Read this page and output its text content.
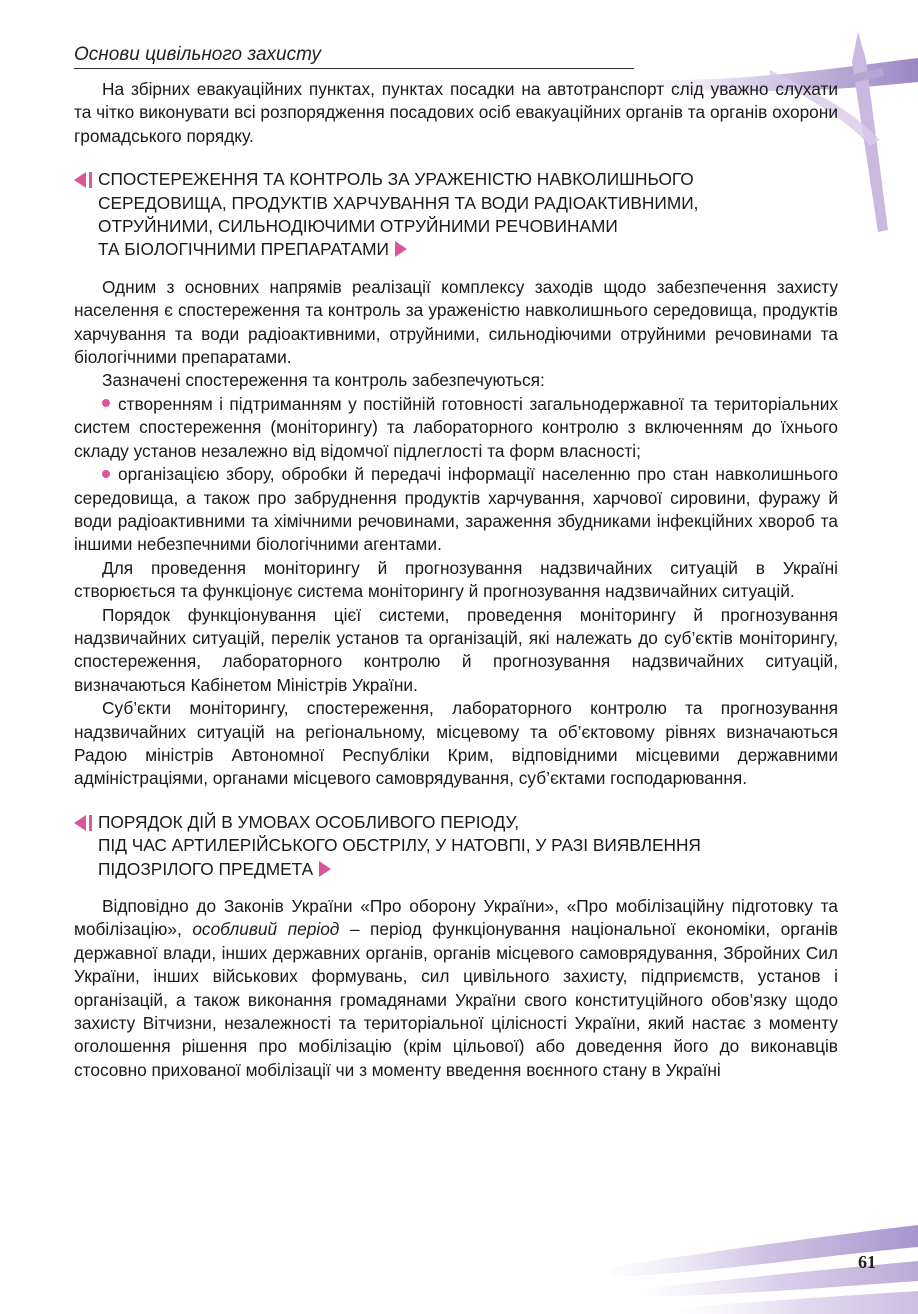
Основи цивільного захисту

На збірних евакуаційних пунктах, пунктах посадки на автотранспорт слід уважно слухати та чітко виконувати всі розпорядження посадових осіб евакуаційних органів та органів охорони громадського порядку.

СПОСТЕРЕЖЕННЯ ТА КОНТРОЛЬ ЗА УРАЖЕНІСТЮ НАВКОЛИШНЬОГО
СЕРЕДОВИЩА, ПРОДУКТІВ ХАРЧУВАННЯ ТА ВОДИ РАДІОАКТИВНИМИ,
ОТРУЙНИМИ, СИЛЬНОДІЮЧИМИ ОТРУЙНИМИ РЕЧОВИНАМИ
ТА БІОЛОГІЧНИМИ ПРЕПАРАТАМИ

Одним з основних напрямів реалізації комплексу заходів щодо забезпечення захисту населення є спостереження та контроль за ураженістю навколишнього середовища, продуктів харчування та води радіоактивними, отруйними, сильнодіючими отруйними речовинами та біологічними препаратами.

Зазначені спостереження та контроль забезпечуються:

створенням і підтриманням у постійній готовності загальнодержавної та територіальних систем спостереження (моніторингу) та лабораторного контролю з включенням до їхнього складу установ незалежно від відомчої підлеглості та форм власності;

організацією збору, обробки й передачі інформації населенню про стан навколишнього середовища, а також про забруднення продуктів харчування, харчової сировини, фуражу й води радіоактивними та хімічними речовинами, зараження збудниками інфекційних хвороб та іншими небезпечними біологічними агентами.

Для проведення моніторингу й прогнозування надзвичайних ситуацій в Україні створюється та функціонує система моніторингу й прогнозування надзвичайних ситуацій.

Порядок функціонування цієї системи, проведення моніторингу й прогнозування надзвичайних ситуацій, перелік установ та організацій, які належать до суб’єктів моніторингу, спостереження, лабораторного контролю й прогнозування надзвичайних ситуацій, визначаються Кабінетом Міністрів України.

Суб’єкти моніторингу, спостереження, лабораторного контролю та прогнозування надзвичайних ситуацій на регіональному, місцевому та об’єктовому рівнях визначаються Радою міністрів Автономної Республіки Крим, відповідними місцевими державними адміністраціями, органами місцевого самоврядування, суб’єктами господарювання.

ПОРЯДОК ДІЙ В УМОВАХ ОСОБЛИВОГО ПЕРІОДУ,
ПІД ЧАС АРТИЛЕРІЙСЬКОГО ОБСТРІЛУ, У НАТОВПІ, У РАЗІ ВИЯВЛЕННЯ
ПІДОЗРІЛОГО ПРЕДМЕТА

Відповідно до Законів України «Про оборону України», «Про мобілізаційну підготовку та мобілізацію», особливий період – період функціонування національної економіки, органів державної влади, інших державних органів, органів місцевого самоврядування, Збройних Сил України, інших військових формувань, сил цивільного захисту, підприємств, установ і організацій, а також виконання громадянами України свого конституційного обов’язку щодо захисту Вітчизни, незалежності та територіальної цілісності України, який настає з моменту оголошення рішення про мобілізацію (крім цільової) або доведення його до виконавців стосовно прихованої мобілізації чи з моменту введення воєнного стану в Україні

61
